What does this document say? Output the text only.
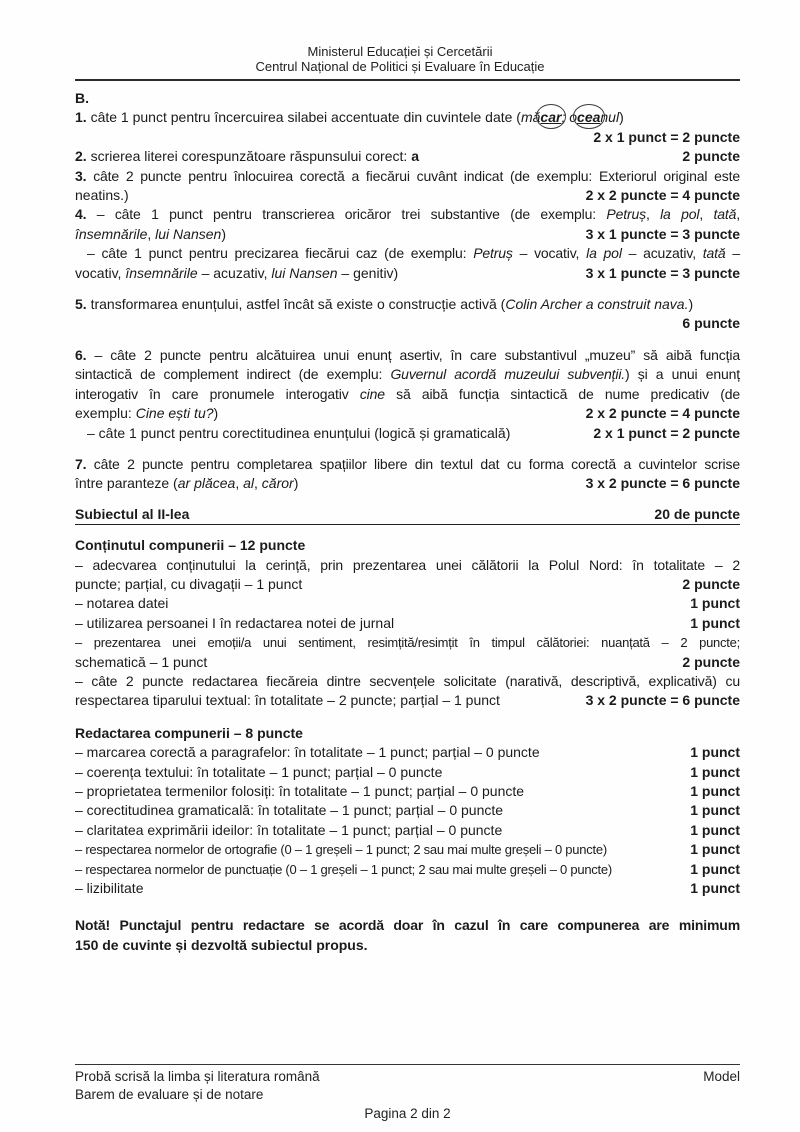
Ministerul Educației și Cercetării
Centrul Național de Politici și Evaluare în Educație
B.
1. câte 1 punct pentru încercuirea silabei accentuate din cuvintele date (măcar; oceanul)
2 x 1 punct = 2 puncte
2. scrierea literei corespunzătoare răspunsului corect: a	2 puncte
3. câte 2 puncte pentru înlocuirea corectă a fiecărui cuvânt indicat (de exemplu: Exteriorul original este
neatins.)	2 x 2 puncte = 4 puncte
4. – câte 1 punct pentru transcrierea oricăror trei substantive (de exemplu: Petruș, la pol, tată,
însemnările, lui Nansen)	3 x 1 puncte = 3 puncte
– câte 1 punct pentru precizarea fiecărui caz (de exemplu: Petruș – vocativ, la pol – acuzativ, tată –
vocativ, însemnările – acuzativ, lui Nansen – genitiv)	3 x 1 puncte = 3 puncte
5. transformarea enunțului, astfel încât să existe o construcție activă (Colin Archer a construit nava.)
6 puncte
6. – câte 2 puncte pentru alcătuirea unui enunț asertiv, în care substantivul „muzeu” să aibă funcția
sintactică de complement indirect (de exemplu: Guvernul acordă muzeului subvenții.) și a unui enunț
interogativ în care pronumele interogativ cine să aibă funcția sintactică de nume predicativ (de
exemplu: Cine ești tu?)	2 x 2 puncte = 4 puncte
– câte 1 punct pentru corectitudinea enunțului (logică și gramaticală)	2 x 1 punct = 2 puncte
7. câte 2 puncte pentru completarea spațiilor libere din textul dat cu forma corectă a cuvintelor scrise
între paranteze (ar plăcea, al, căror)	3 x 2 puncte = 6 puncte
Subiectul al II-lea	20 de puncte
Conținutul compunerii – 12 puncte
– adecvarea conținutului la cerință, prin prezentarea unei călătorii la Polul Nord: în totalitate – 2
puncte; parțial, cu divagații – 1 punct	2 puncte
– notarea datei	1 punct
– utilizarea persoanei I în redactarea notei de jurnal	1 punct
– prezentarea unei emoții/a unui sentiment, resimțită/resimțit în timpul călătoriei: nuanțată – 2 puncte;
schematică – 1 punct	2 puncte
– câte 2 puncte redactarea fiecăreia dintre secvențele solicitate (narativă, descriptivă, explicativă) cu
respectarea tiparului textual: în totalitate – 2 puncte; parțial – 1 punct	3 x 2 puncte = 6 puncte
Redactarea compunerii – 8 puncte
– marcarea corectă a paragrafelor: în totalitate – 1 punct; parțial – 0 puncte	1 punct
– coerența textului: în totalitate – 1 punct; parțial – 0 puncte	1 punct
– proprietatea termenilor folosiți: în totalitate – 1 punct; parțial – 0 puncte	1 punct
– corectitudinea gramaticală: în totalitate – 1 punct; parțial – 0 puncte	1 punct
– claritatea exprimării ideilor: în totalitate – 1 punct; parțial – 0 puncte	1 punct
– respectarea normelor de ortografie (0 – 1 greșeli – 1 punct; 2 sau mai multe greșeli – 0 puncte)	1 punct
– respectarea normelor de punctuație (0 – 1 greșeli – 1 punct; 2 sau mai multe greșeli – 0 puncte)	1 punct
– lizibilitate	1 punct
Notă! Punctajul pentru redactare se acordă doar în cazul în care compunerea are minimum
150 de cuvinte și dezvoltă subiectul propus.
Probă scrisă la limba și literatura română	Model
Barem de evaluare și de notare
Pagina 2 din 2
